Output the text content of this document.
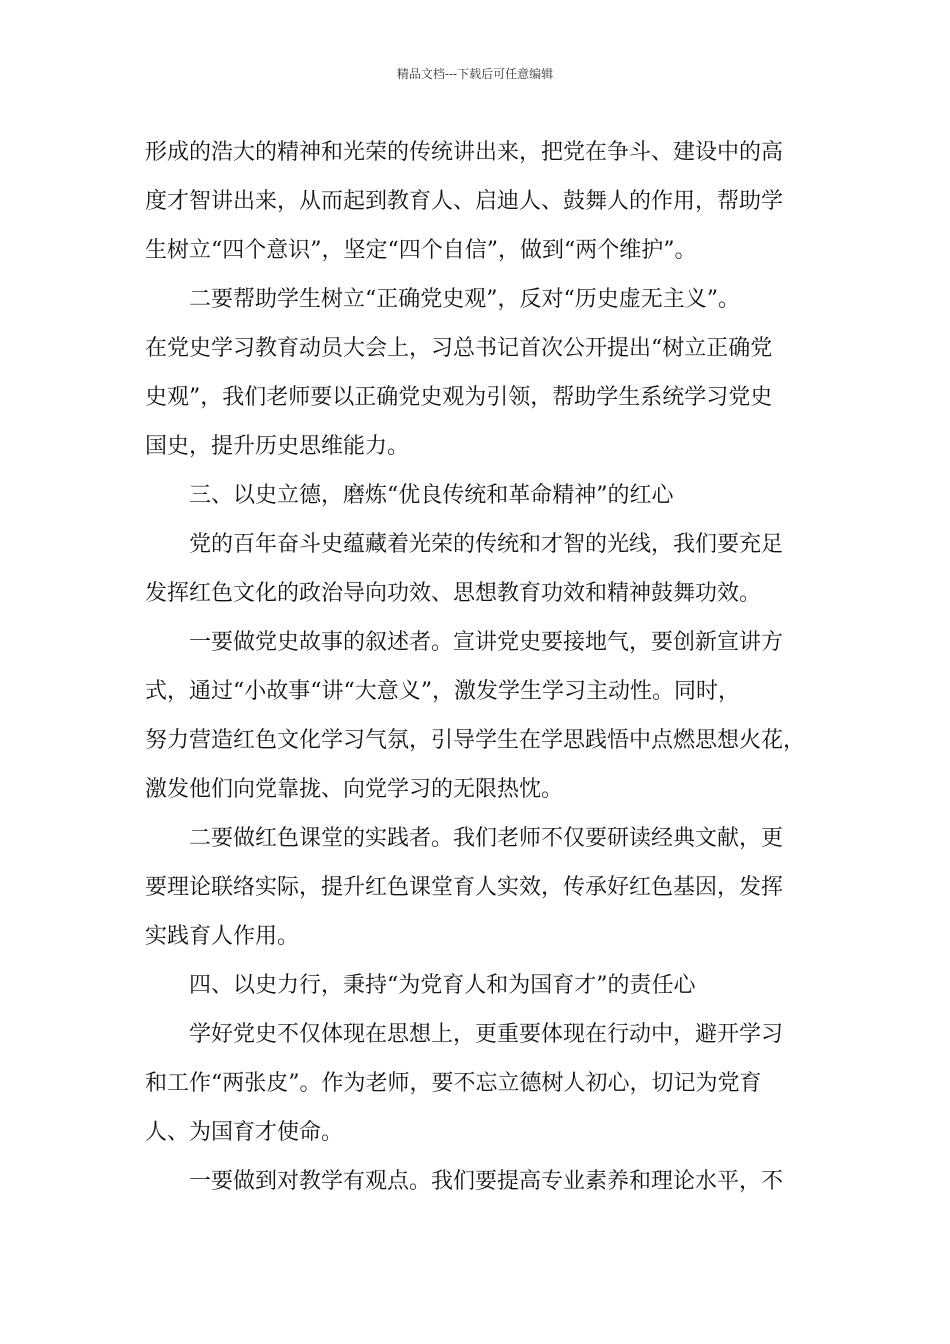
精品文档---下载后可任意编辑
形成的浩大的精神和光荣的传统讲出来，把党在争斗、建设中的高
度才智讲出来，从而起到教育人、启迪人、鼓舞人的作用，帮助学
生树立“四个意识”，坚定“四个自信”，做到“两个维护”。
二要帮助学生树立“正确党史观”，反对“历史虚无主义”。
在党史学习教育动员大会上，习总书记首次公开提出“树立正确党
史观”，我们老师要以正确党史观为引领，帮助学生系统学习党史
国史，提升历史思维能力。
三、以史立德，磨炼“优良传统和革命精神”的红心
党的百年奋斗史蕴藏着光荣的传统和才智的光线，我们要充足
发挥红色文化的政治导向功效、思想教育功效和精神鼓舞功效。
一要做党史故事的叙述者。宣讲党史要接地气，要创新宣讲方
式，通过“小故事“讲“大意义”，激发学生学习主动性。同时，
努力营造红色文化学习气氛，引导学生在学思践悟中点燃思想火花，
激发他们向党靠拢、向党学习的无限热忱。
二要做红色课堂的实践者。我们老师不仅要研读经典文献，更
要理论联络实际，提升红色课堂育人实效，传承好红色基因，发挥
实践育人作用。
四、以史力行，秉持“为党育人和为国育才”的责任心
学好党史不仅体现在思想上，更重要体现在行动中，避开学习
和工作“两张皮”。作为老师，要不忘立德树人初心，切记为党育
人、为国育才使命。
一要做到对教学有观点。我们要提高专业素养和理论水平，不
